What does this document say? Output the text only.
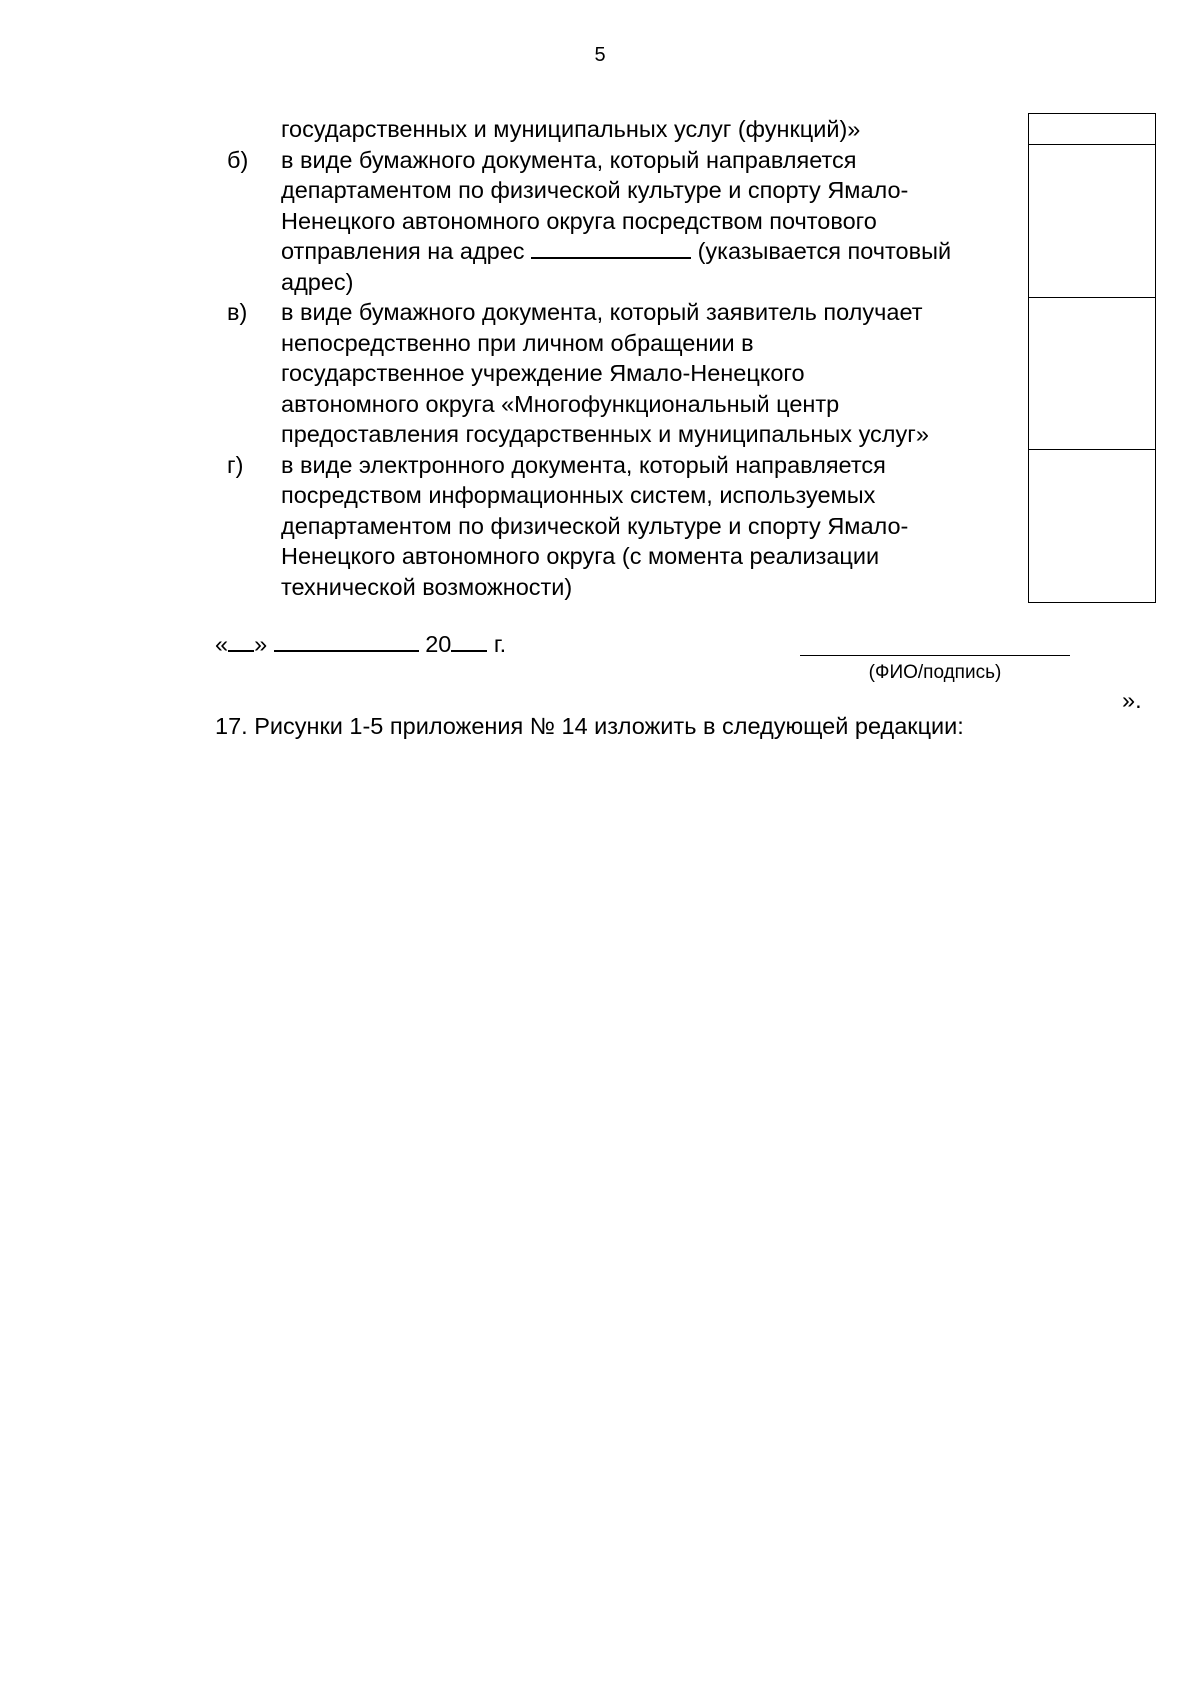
5

	государственных и муниципальных услуг (функций)»	

б)	в виде бумажного документа, который направляется
департаментом по физической культуре и спорту Ямало-
Ненецкого автономного округа посредством почтового
отправления на адрес (указывается почтовый
адрес)	

в)	в виде бумажного документа, который заявитель получает
непосредственно при личном обращении в
государственное учреждение Ямало-Ненецкого
автономного округа «Многофункциональный центр
предоставления государственных и муниципальных услуг»	

г)	в виде электронного документа, который направляется
посредством информационных систем, используемых
департаментом по физической культуре и спорту Ямало-
Ненецкого автономного округа (с момента реализации
технической возможности)	

« »	20 г.
(ФИО/подпись)
».
17. Рисунки 1-5 приложения № 14 изложить в следующей редакции:
